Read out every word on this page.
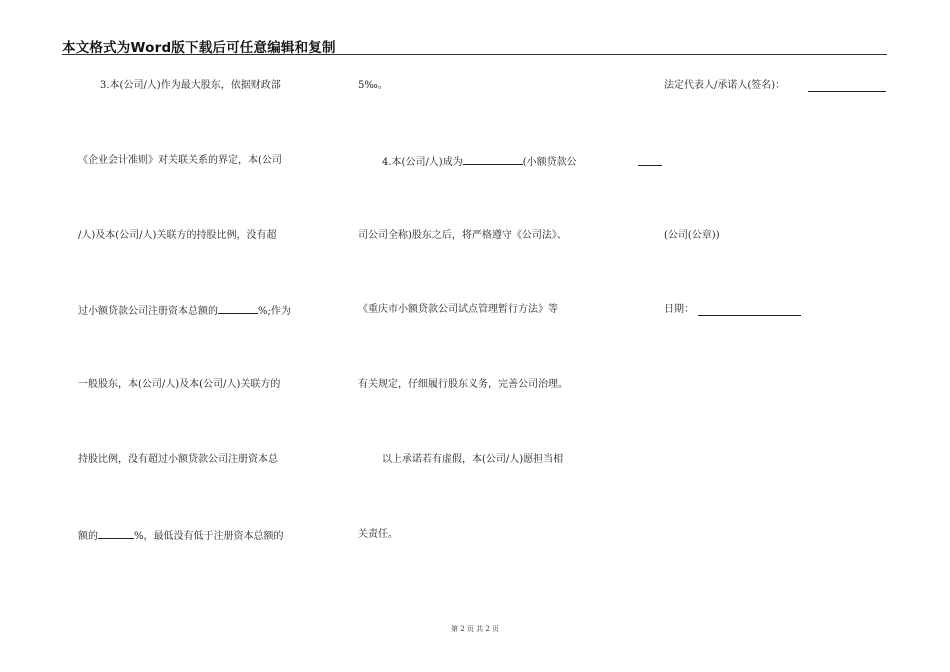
本文格式为Word版下载后可任意编辑和复制
3.本(公司/人)作为最大股东，依据财政部
《企业会计准则》对关联关系的界定，本(公司
/人)及本(公司/人)关联方的持股比例，没有超
过小额贷款公司注册资本总额的	%;作为
一般股东，本(公司/人)及本(公司/人)关联方的
持股比例，没有超过小额贷款公司注册资本总
额的	%，最低没有低于注册资本总额的
5‰。
4.本(公司/人)成为	(小额贷款公
司公司全称)股东之后，将严格遵守《公司法》、
《重庆市小额贷款公司试点管理暂行方法》等
有关规定，仔细履行股东义务，完善公司治理。
以上承诺若有虚假，本(公司/人)愿担当相
关责任。
法定代表人/承诺人(签名)：
(公司(公章))
日期：
第 2 页 共 2 页
